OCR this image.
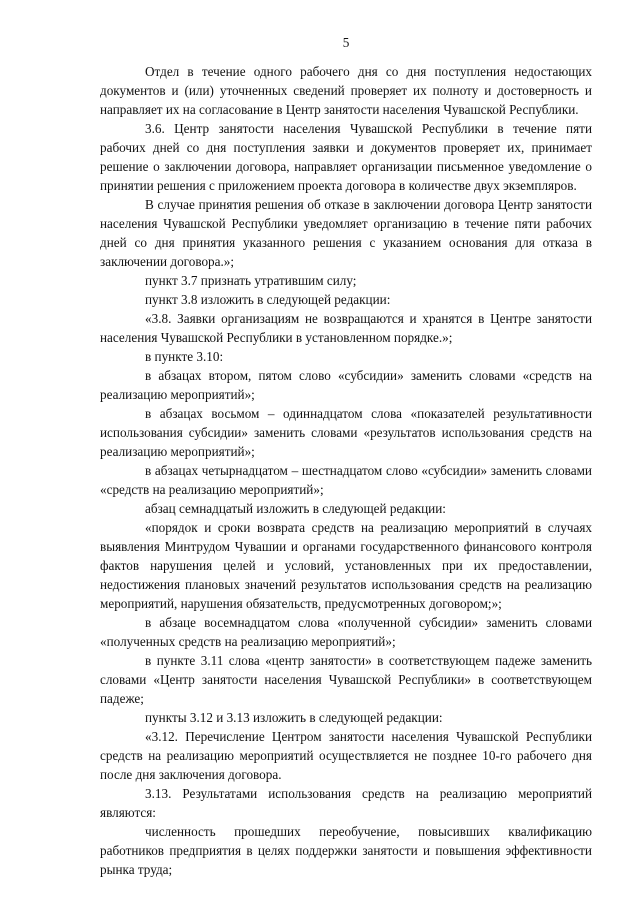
5

Отдел в течение одного рабочего дня со дня поступления недостающих документов и (или) уточненных сведений проверяет их полноту и достоверность и направляет их на согласование в Центр занятости населения Чувашской Республики.

3.6. Центр занятости населения Чувашской Республики в течение пяти рабочих дней со дня поступления заявки и документов проверяет их, принимает решение о заключении договора, направляет организации письменное уведомление о принятии решения с приложением проекта договора в количестве двух экземпляров.

В случае принятия решения об отказе в заключении договора Центр занятости населения Чувашской Республики уведомляет организацию в течение пяти рабочих дней со дня принятия указанного решения с указанием основания для отказа в заключении договора.»;

пункт 3.7 признать утратившим силу;

пункт 3.8 изложить в следующей редакции:

«3.8. Заявки организациям не возвращаются и хранятся в Центре занятости населения Чувашской Республики в установленном порядке.»;

в пункте 3.10:

в абзацах втором, пятом слово «субсидии» заменить словами «средств на реализацию мероприятий»;

в абзацах восьмом – одиннадцатом слова «показателей результативности использования субсидии» заменить словами «результатов использования средств на реализацию мероприятий»;

в абзацах четырнадцатом – шестнадцатом слово «субсидии» заменить словами «средств на реализацию мероприятий»;

абзац семнадцатый изложить в следующей редакции:

«порядок и сроки возврата средств на реализацию мероприятий в случаях выявления Минтрудом Чувашии и органами государственного финансового контроля фактов нарушения целей и условий, установленных при их предоставлении, недостижения плановых значений результатов использования средств на реализацию мероприятий, нарушения обязательств, предусмотренных договором;»;

в абзаце восемнадцатом слова «полученной субсидии» заменить словами «полученных средств на реализацию мероприятий»;

в пункте 3.11 слова «центр занятости» в соответствующем падеже заменить словами «Центр занятости населения Чувашской Республики» в соответствующем падеже;

пункты 3.12 и 3.13 изложить в следующей редакции:

«3.12. Перечисление Центром занятости населения Чувашской Республики средств на реализацию мероприятий осуществляется не позднее 10-го рабочего дня после дня заключения договора.

3.13. Результатами использования средств на реализацию мероприятий являются:

численность прошедших переобучение, повысивших квалификацию работников предприятия в целях поддержки занятости и повышения эффективности рынка труда;
